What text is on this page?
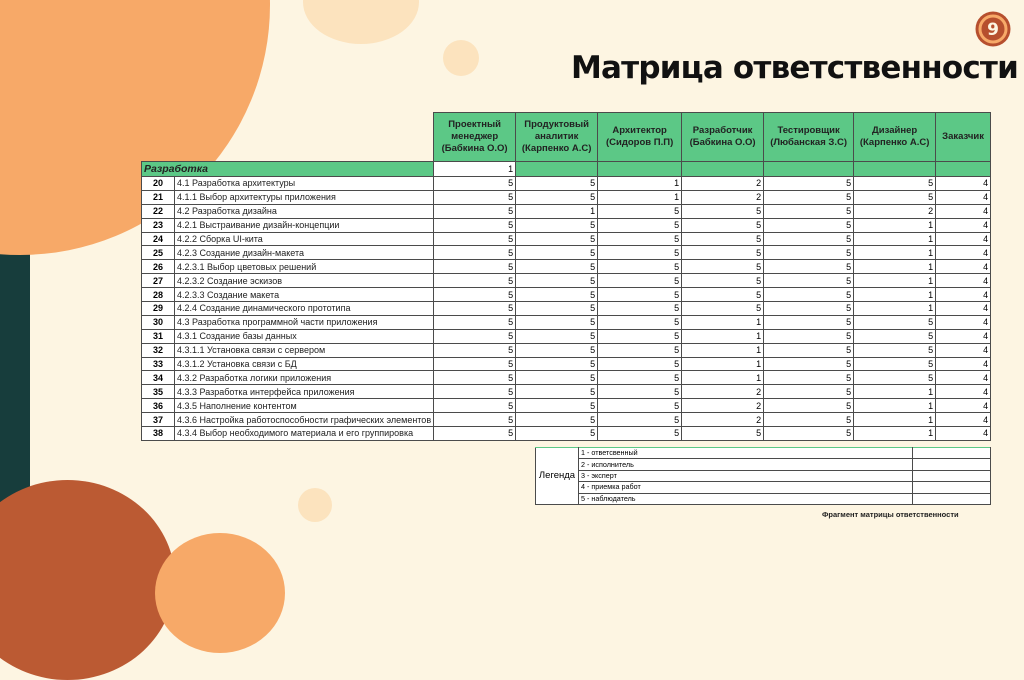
9
Матрица ответственности
		Проектный менеджер (Бабкина О.О)	Продуктовый аналитик (Карпенко А.С)	Архитектор (Сидоров П.П)	Разработчик (Бабкина О.О)	Тестировщик (Любанская З.С)	Дизайнер (Карпенко А.С)	Заказчик
Разработка		1						
20	4.1 Разработка архитектуры	5	5	1	2	5	5	4
21	4.1.1 Выбор архитектуры приложения	5	5	1	2	5	5	4
22	4.2 Разработка дизайна	5	1	5	5	5	2	4
23	4.2.1 Выстраивание дизайн-концепции	5	5	5	5	5	1	4
24	4.2.2 Сборка UI-кита	5	5	5	5	5	1	4
25	4.2.3 Создание дизайн-макета	5	5	5	5	5	1	4
26	4.2.3.1 Выбор цветовых решений	5	5	5	5	5	1	4
27	4.2.3.2 Создание эскизов	5	5	5	5	5	1	4
28	4.2.3.3 Создание макета	5	5	5	5	5	1	4
29	4.2.4 Создание динамического прототипа	5	5	5	5	5	1	4
30	4.3 Разработка программной части приложения	5	5	5	1	5	5	4
31	4.3.1 Создание базы данных	5	5	5	1	5	5	4
32	4.3.1.1 Установка связи с сервером	5	5	5	1	5	5	4
33	4.3.1.2 Установка связи с БД	5	5	5	1	5	5	4
34	4.3.2 Разработка логики приложения	5	5	5	1	5	5	4
35	4.3.3 Разработка интерфейса приложения	5	5	5	2	5	1	4
36	4.3.5 Наполнение контентом	5	5	5	2	5	1	4
37	4.3.6 Настройка работоспособности графических элементов	5	5	5	2	5	1	4
38	4.3.4 Выбор необходимого материала и его группировка	5	5	5	5	5	1	4
Легенда	1 - ответсвенный	
	2 - исполнитель	
	3 - эксперт	
	4 - приемка работ	
	5 - наблюдатель	
Фрагмент матрицы ответственности
